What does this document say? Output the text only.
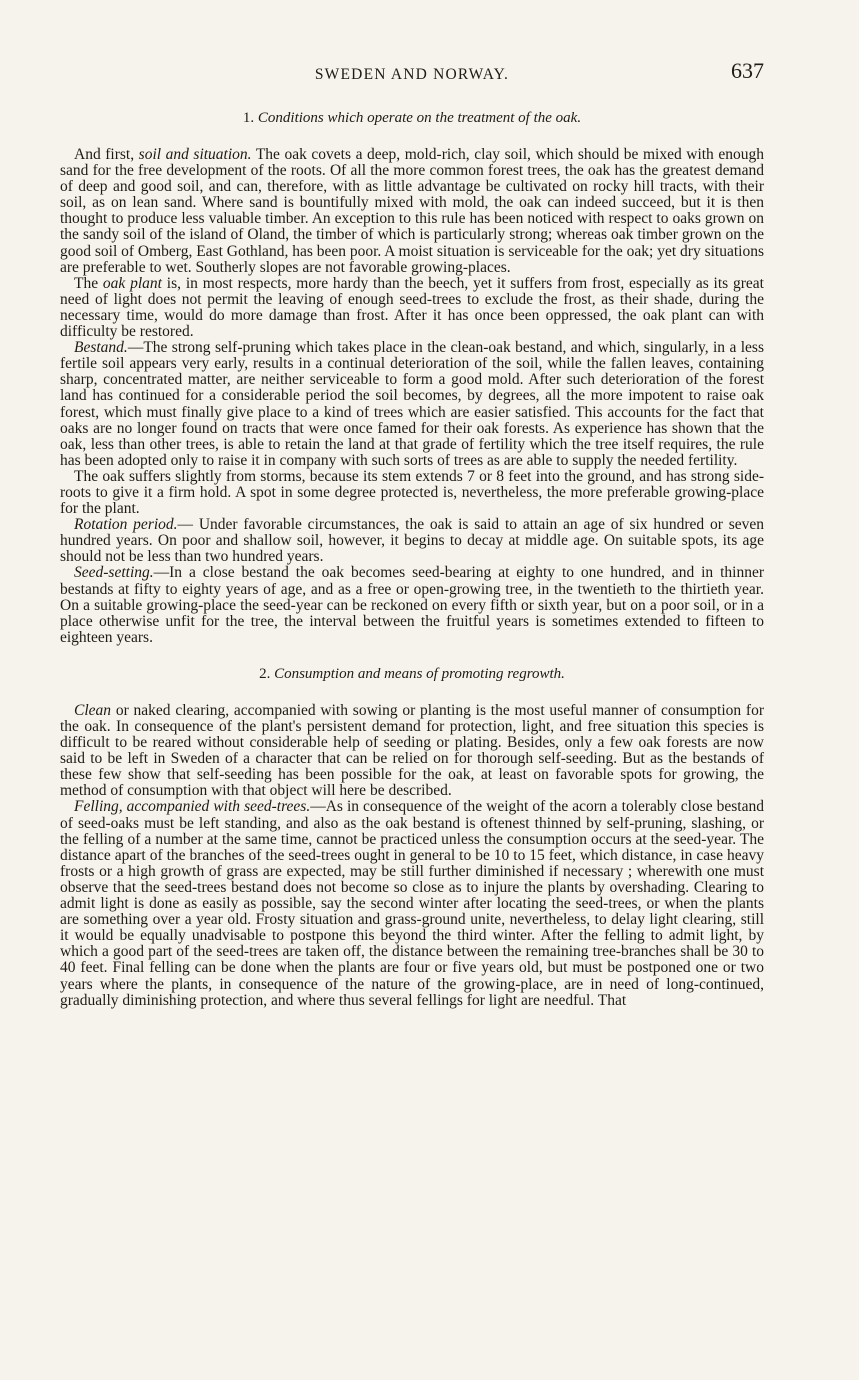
SWEDEN AND NORWAY.	637
1. Conditions which operate on the treatment of the oak.

And first, soil and situation. The oak covets a deep, mold-rich, clay soil, which should be mixed with enough sand for the free development of the roots. Of all the more common forest trees, the oak has the greatest demand of deep and good soil, and can, therefore, with as little advantage be cultivated on rocky hill tracts, with their soil, as on lean sand. Where sand is bountifully mixed with mold, the oak can indeed succeed, but it is then thought to produce less valuable timber. An exception to this rule has been noticed with respect to oaks grown on the sandy soil of the island of Oland, the timber of which is particularly strong; whereas oak timber grown on the good soil of Omberg, East Gothland, has been poor. A moist situation is serviceable for the oak; yet dry situations are preferable to wet. Southerly slopes are not favorable growing-places.

The oak plant is, in most respects, more hardy than the beech, yet it suffers from frost, especially as its great need of light does not permit the leaving of enough seed-trees to exclude the frost, as their shade, during the necessary time, would do more damage than frost. After it has once been oppressed, the oak plant can with difficulty be restored.

Bestand.—The strong self-pruning which takes place in the clean-oak bestand, and which, singularly, in a less fertile soil appears very early, results in a continual deterioration of the soil, while the fallen leaves, containing sharp, concentrated matter, are neither serviceable to form a good mold. After such deterioration of the forest land has continued for a considerable period the soil becomes, by degrees, all the more impotent to raise oak forest, which must finally give place to a kind of trees which are easier satisfied. This accounts for the fact that oaks are no longer found on tracts that were once famed for their oak forests. As experience has shown that the oak, less than other trees, is able to retain the land at that grade of fertility which the tree itself requires, the rule has been adopted only to raise it in company with such sorts of trees as are able to supply the needed fertility.

The oak suffers slightly from storms, because its stem extends 7 or 8 feet into the ground, and has strong side-roots to give it a firm hold. A spot in some degree protected is, nevertheless, the more preferable growing-place for the plant.

Rotation period.— Under favorable circumstances, the oak is said to attain an age of six hundred or seven hundred years. On poor and shallow soil, however, it begins to decay at middle age. On suitable spots, its age should not be less than two hundred years.

Seed-setting.—In a close bestand the oak becomes seed-bearing at eighty to one hundred, and in thinner bestands at fifty to eighty years of age, and as a free or open-growing tree, in the twentieth to the thirtieth year. On a suitable growing-place the seed-year can be reckoned on every fifth or sixth year, but on a poor soil, or in a place otherwise unfit for the tree, the interval between the fruitful years is sometimes extended to fifteen to eighteen years.

2. Consumption and means of promoting regrowth.

Clean or naked clearing, accompanied with sowing or planting is the most useful manner of consumption for the oak. In consequence of the plant's persistent demand for protection, light, and free situation this species is difficult to be reared without considerable help of seeding or plating. Besides, only a few oak forests are now said to be left in Sweden of a character that can be relied on for thorough self-seeding. But as the bestands of these few show that self-seeding has been possible for the oak, at least on favorable spots for growing, the method of consumption with that object will here be described.

Felling, accompanied with seed-trees.—As in consequence of the weight of the acorn a tolerably close bestand of seed-oaks must be left standing, and also as the oak bestand is oftenest thinned by self-pruning, slashing, or the felling of a number at the same time, cannot be practiced unless the consumption occurs at the seed-year. The distance apart of the branches of the seed-trees ought in general to be 10 to 15 feet, which distance, in case heavy frosts or a high growth of grass are expected, may be still further diminished if necessary ; wherewith one must observe that the seed-trees bestand does not become so close as to injure the plants by overshading. Clearing to admit light is done as easily as possible, say the second winter after locating the seed-trees, or when the plants are something over a year old. Frosty situation and grass-ground unite, nevertheless, to delay light clearing, still it would be equally unadvisable to postpone this beyond the third winter. After the felling to admit light, by which a good part of the seed-trees are taken off, the distance between the remaining tree-branches shall be 30 to 40 feet. Final felling can be done when the plants are four or five years old, but must be postponed one or two years where the plants, in consequence of the nature of the growing-place, are in need of long-continued, gradually diminishing protection, and where thus several fellings for light are needful. That
